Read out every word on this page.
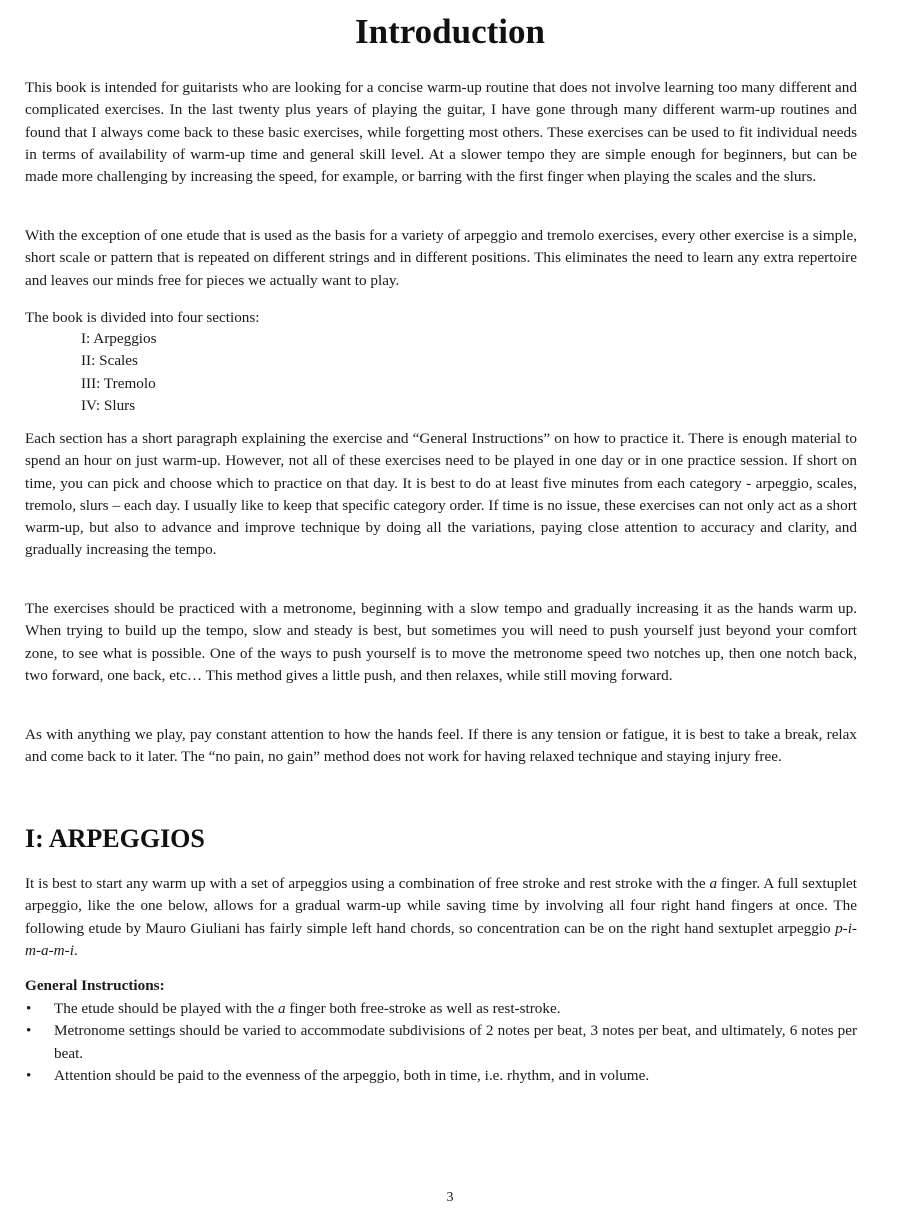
Introduction

This book is intended for guitarists who are looking for a concise warm-up routine that does not involve learning too many different and complicated exercises. In the last twenty plus years of playing the guitar, I have gone through many different warm-up routines and found that I always come back to these basic exercises, while forgetting most others. These exercises can be used to fit individual needs in terms of availability of warm-up time and general skill level. At a slower tempo they are simple enough for beginners, but can be made more challenging by increasing the speed, for example, or barring with the first finger when playing the scales and the slurs.

With the exception of one etude that is used as the basis for a variety of arpeggio and tremolo exercises, every other exercise is a simple, short scale or pattern that is repeated on different strings and in different positions. This eliminates the need to learn any extra repertoire and leaves our minds free for pieces we actually want to play.

The book is divided into four sections:

I: Arpeggios
II: Scales
III: Tremolo
IV: Slurs

Each section has a short paragraph explaining the exercise and “General Instructions” on how to practice it. There is enough material to spend an hour on just warm-up. However, not all of these exercises need to be played in one day or in one practice session. If short on time, you can pick and choose which to practice on that day. It is best to do at least five minutes from each category - arpeggio, scales, tremolo, slurs – each day. I usually like to keep that specific category order. If time is no issue, these exercises can not only act as a short warm-up, but also to advance and improve technique by doing all the variations, paying close attention to accuracy and clarity, and gradually increasing the tempo.

The exercises should be practiced with a metronome, beginning with a slow tempo and gradually increasing it as the hands warm up. When trying to build up the tempo, slow and steady is best, but sometimes you will need to push yourself just beyond your comfort zone, to see what is possible. One of the ways to push yourself is to move the metronome speed two notches up, then one notch back, two forward, one back, etc… This method gives a little push, and then relaxes, while still moving forward.

As with anything we play, pay constant attention to how the hands feel. If there is any tension or fatigue, it is best to take a break, relax and come back to it later. The “no pain, no gain” method does not work for having relaxed technique and staying injury free.

I: ARPEGGIOS

It is best to start any warm up with a set of arpeggios using a combination of free stroke and rest stroke with the a finger. A full sextuplet arpeggio, like the one below, allows for a gradual warm-up while saving time by involving all four right hand fingers at once. The following etude by Mauro Giuliani has fairly simple left hand chords, so concentration can be on the right hand sextuplet arpeggio p-i-m-a-m-i.

General Instructions:
• The etude should be played with the a finger both free-stroke as well as rest-stroke.
• Metronome settings should be varied to accommodate subdivisions of 2 notes per beat, 3 notes per beat, and ultimately, 6 notes per beat.
• Attention should be paid to the evenness of the arpeggio, both in time, i.e. rhythm, and in volume.
3
